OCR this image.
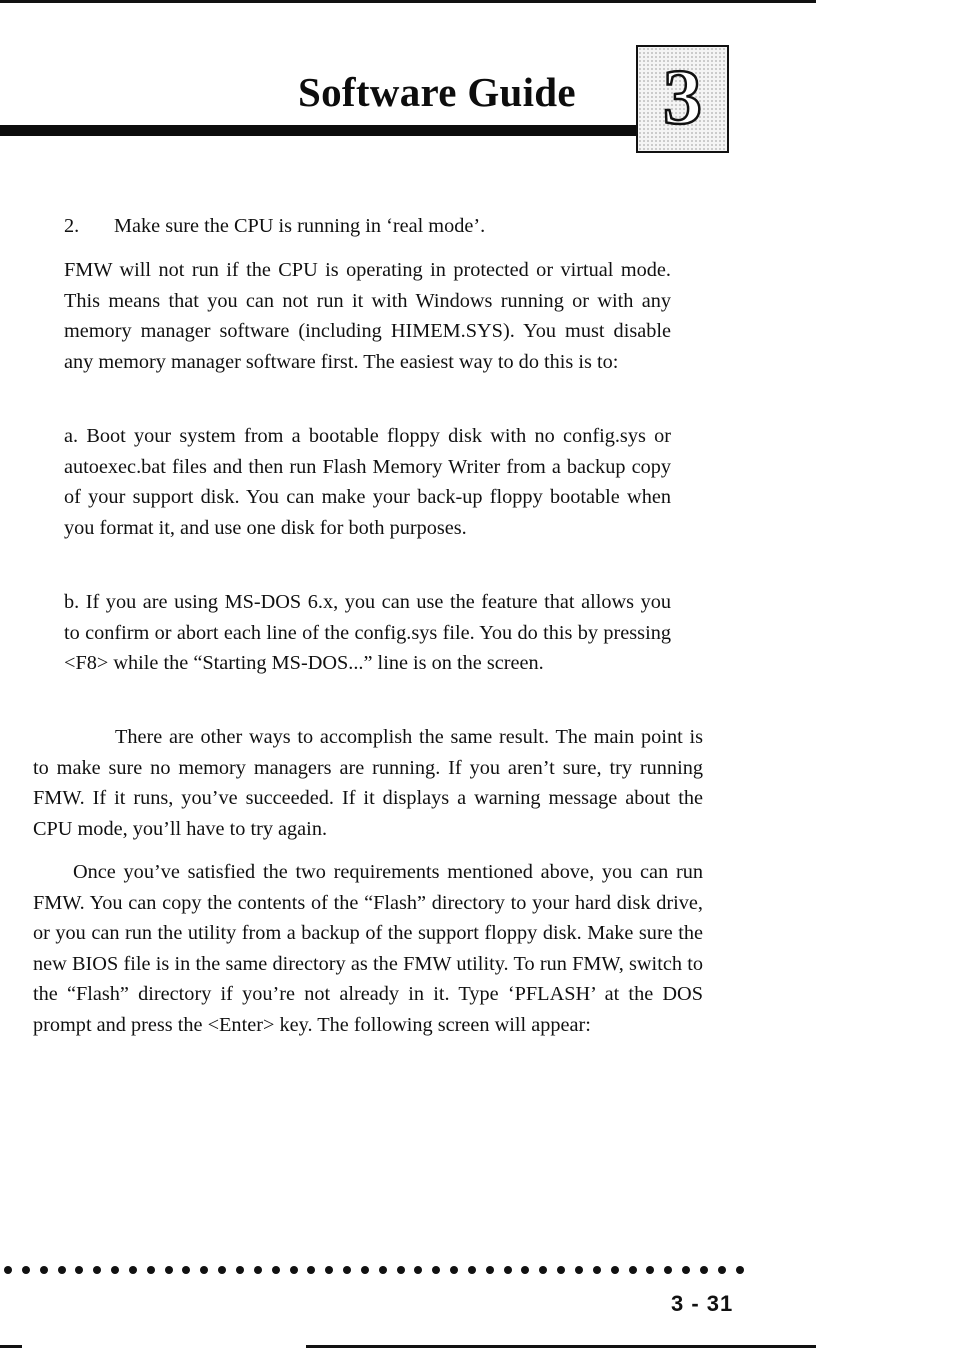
Software Guide 3
2. Make sure the CPU is running in ‘real mode’.

FMW will not run if the CPU is operating in protected or virtual mode. This means that you can not run it with Windows running or with any memory manager software (including HIMEM.SYS). You must disable any memory manager software first. The easiest way to do this is to:

a. Boot your system from a bootable floppy disk with no config.sys or autoexec.bat files and then run Flash Memory Writer from a backup copy of your support disk. You can make your back-up floppy bootable when you format it, and use one disk for both purposes.

b. If you are using MS-DOS 6.x, you can use the feature that allows you to confirm or abort each line of the config.sys file. You do this by pressing <F8> while the “Starting MS-DOS...” line is on the screen.

There are other ways to accomplish the same result. The main point is to make sure no memory managers are running. If you aren’t sure, try running FMW. If it runs, you’ve succeeded. If it displays a warning message about the CPU mode, you’ll have to try again.

Once you’ve satisfied the two requirements mentioned above, you can run FMW. You can copy the contents of the “Flash” directory to your hard disk drive, or you can run the utility from a backup of the support floppy disk. Make sure the new BIOS file is in the same directory as the FMW utility. To run FMW, switch to the “Flash” directory if you’re not already in it. Type ‘PFLASH’ at the DOS prompt and press the <Enter> key. The following screen will appear:

3 - 31
